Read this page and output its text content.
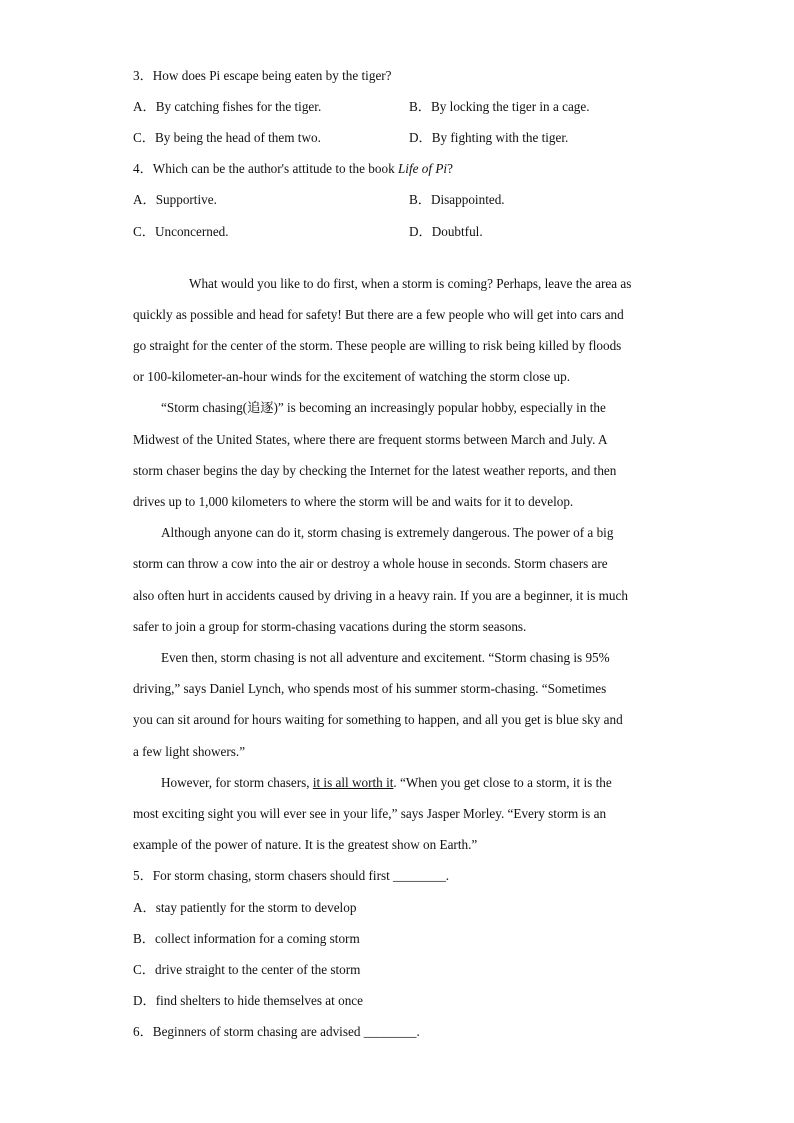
3．How does Pi escape being eaten by the tiger?
A．By catching fishes for the tiger.	B．By locking the tiger in a cage.
C．By being the head of them two.	D．By fighting with the tiger.
4．Which can be the author's attitude to the book Life of Pi?
A．Supportive.	B．Disappointed.
C．Unconcerned.	D．Doubtful.
What would you like to do first, when a storm is coming? Perhaps, leave the area as
quickly as possible and head for safety! But there are a few people who will get into cars and
go straight for the center of the storm. These people are willing to risk being killed by floods
or 100-kilometer-an-hour winds for the excitement of watching the storm close up.
“Storm chasing(追逐)” is becoming an increasingly popular hobby, especially in the
Midwest of the United States, where there are frequent storms between March and July. A
storm chaser begins the day by checking the Internet for the latest weather reports, and then
drives up to 1,000 kilometers to where the storm will be and waits for it to develop.
Although anyone can do it, storm chasing is extremely dangerous. The power of a big
storm can throw a cow into the air or destroy a whole house in seconds. Storm chasers are
also often hurt in accidents caused by driving in a heavy rain. If you are a beginner, it is much
safer to join a group for storm-chasing vacations during the storm seasons.
Even then, storm chasing is not all adventure and excitement. “Storm chasing is 95%
driving,” says Daniel Lynch, who spends most of his summer storm-chasing. “Sometimes
you can sit around for hours waiting for something to happen, and all you get is blue sky and
a few light showers.”
However, for storm chasers, it is all worth it. “When you get close to a storm, it is the
most exciting sight you will ever see in your life,” says Jasper Morley. “Every storm is an
example of the power of nature. It is the greatest show on Earth.”
5．For storm chasing, storm chasers should first ________.
A．stay patiently for the storm to develop
B．collect information for a coming storm
C．drive straight to the center of the storm
D．find shelters to hide themselves at once
6．Beginners of storm chasing are advised ________.
